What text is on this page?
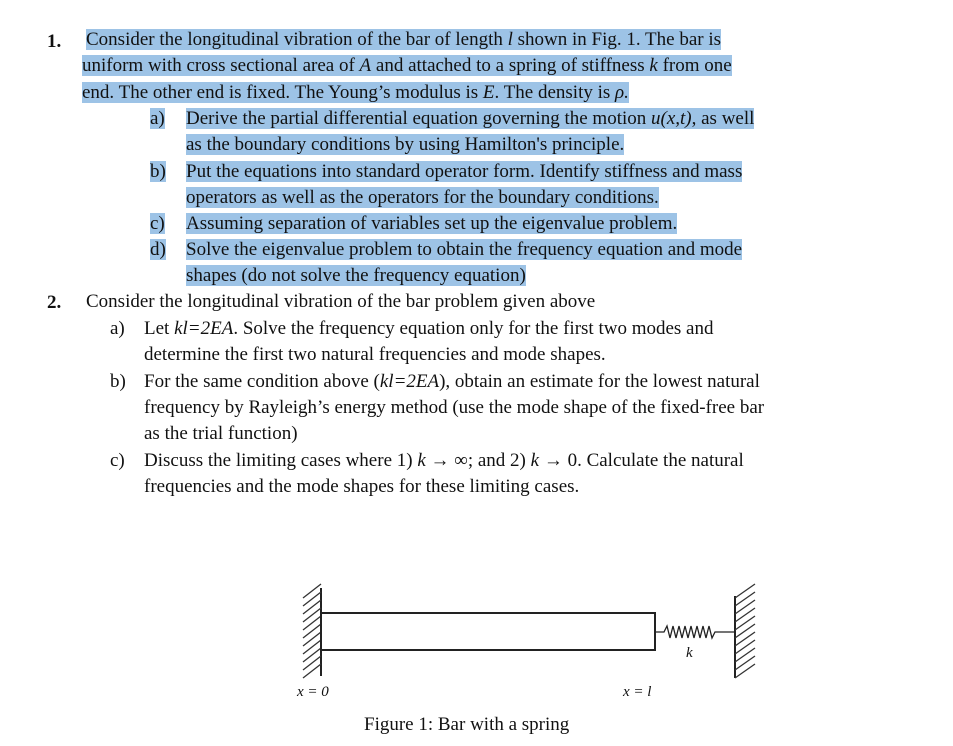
1. Consider the longitudinal vibration of the bar of length l shown in Fig. 1. The bar is
uniform with cross sectional area of A and attached to a spring of stiffness k from one
end. The other end is fixed. The Young’s modulus is E. The density is ρ.
a) Derive the partial differential equation governing the motion u(x,t), as well
as the boundary conditions by using Hamilton's principle.
b) Put the equations into standard operator form. Identify stiffness and mass
operators as well as the operators for the boundary conditions.
c) Assuming separation of variables set up the eigenvalue problem.
d) Solve the eigenvalue problem to obtain the frequency equation and mode
shapes (do not solve the frequency equation)
2. Consider the longitudinal vibration of the bar problem given above
a) Let kl=2EA. Solve the frequency equation only for the first two modes and
determine the first two natural frequencies and mode shapes.
b) For the same condition above (kl=2EA), obtain an estimate for the lowest natural
frequency by Rayleigh’s energy method (use the mode shape of the fixed-free bar
as the trial function)
c) Discuss the limiting cases where 1) k → ∞; and 2) k → 0. Calculate the natural
frequencies and the mode shapes for these limiting cases.
k
x = 0	x = l
Figure 1: Bar with a spring
